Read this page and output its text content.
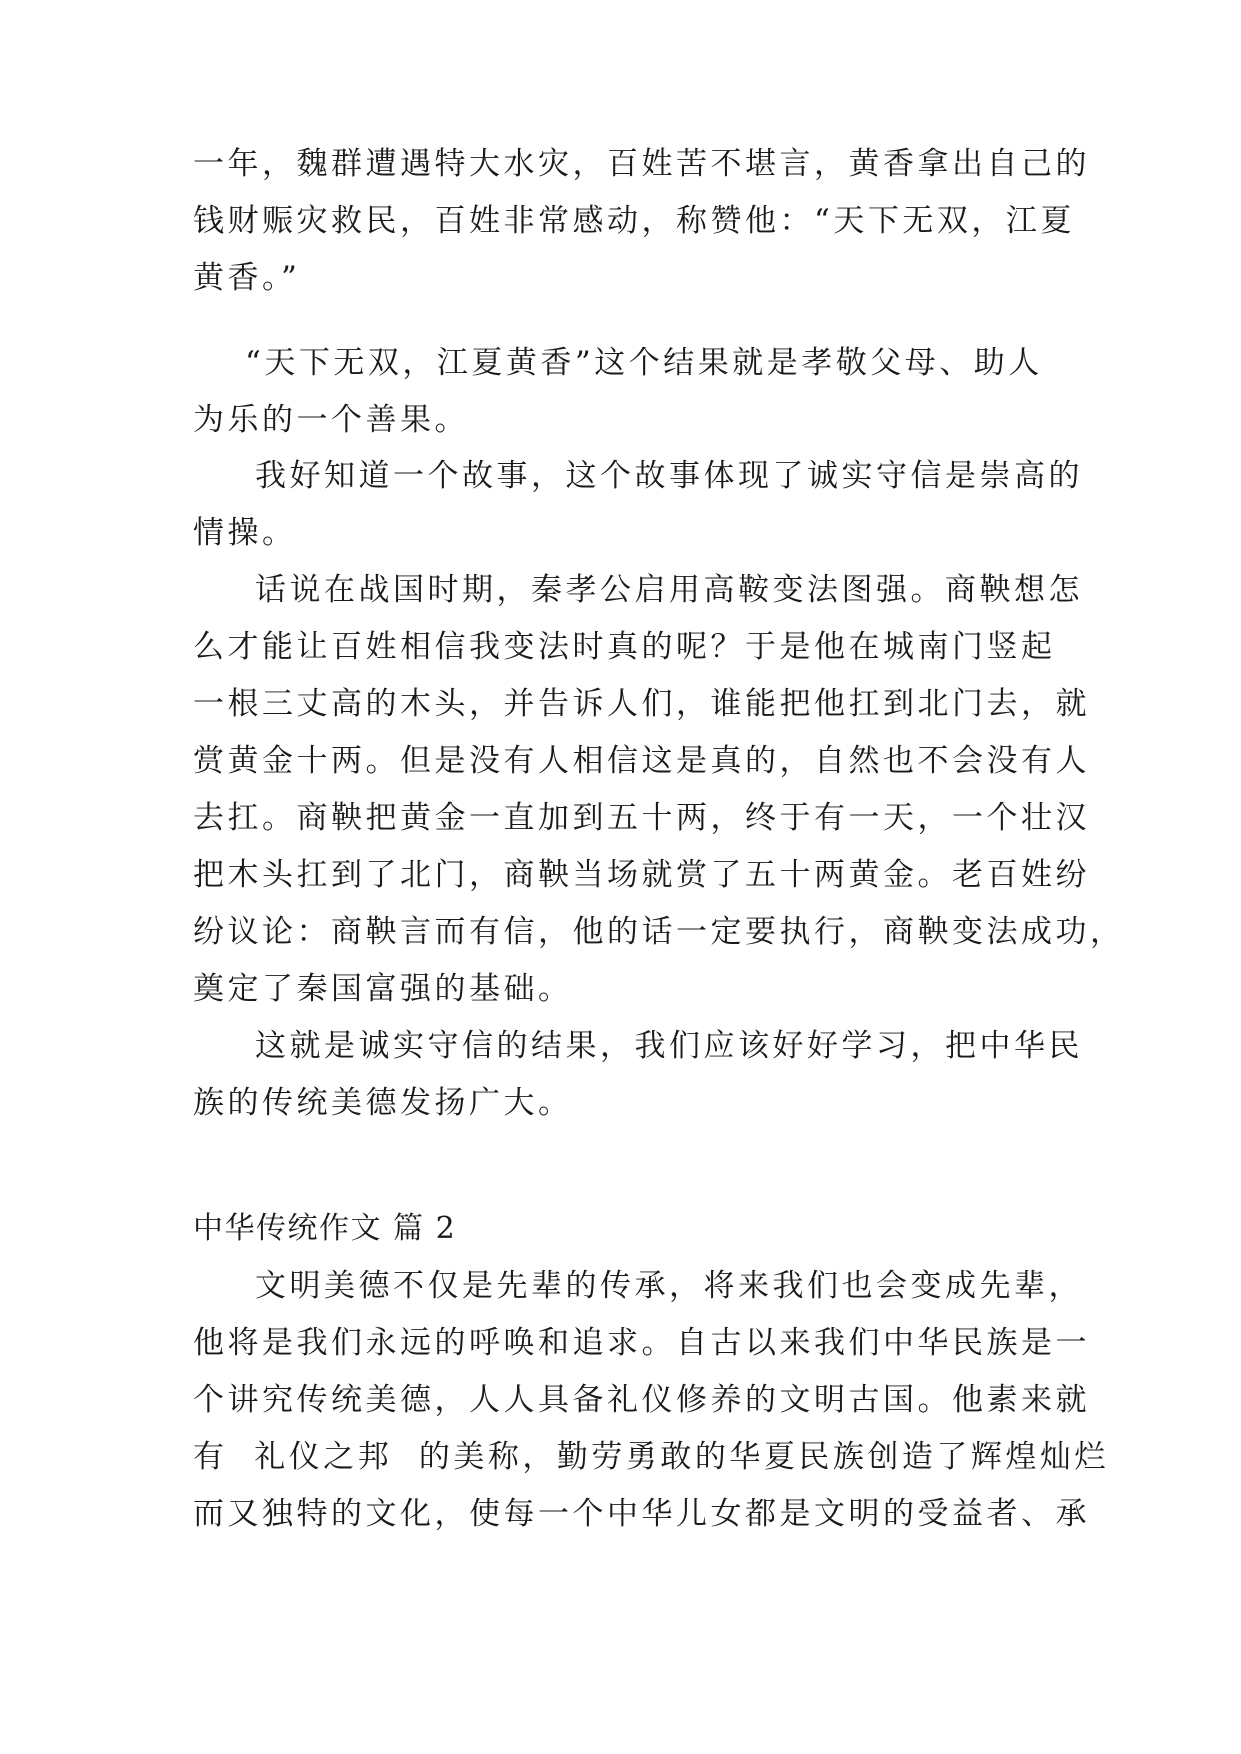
一年，魏群遭遇特大水灾，百姓苦不堪言，黄香拿出自己的
钱财赈灾救民，百姓非常感动，称赞他：“天下无双，江夏
黄香。”
“天下无双，江夏黄香”这个结果就是孝敬父母、助人
为乐的一个善果。
我好知道一个故事，这个故事体现了诚实守信是崇高的
情操。
话说在战国时期，秦孝公启用高鞍变法图强。商鞅想怎
么才能让百姓相信我变法时真的呢？于是他在城南门竖起
一根三丈高的木头，并告诉人们，谁能把他扛到北门去，就
赏黄金十两。但是没有人相信这是真的，自然也不会没有人
去扛。商鞅把黄金一直加到五十两，终于有一天，一个壮汉
把木头扛到了北门，商鞅当场就赏了五十两黄金。老百姓纷
纷议论：商鞅言而有信，他的话一定要执行，商鞅变法成功，
奠定了秦国富强的基础。
这就是诚实守信的结果，我们应该好好学习，把中华民
族的传统美德发扬广大。
中华传统作文 篇 2
文明美德不仅是先辈的传承，将来我们也会变成先辈，
他将是我们永远的呼唤和追求。自古以来我们中华民族是一
个讲究传统美德，人人具备礼仪修养的文明古国。他素来就
有  礼仪之邦  的美称，勤劳勇敢的华夏民族创造了辉煌灿烂
而又独特的文化，使每一个中华儿女都是文明的受益者、承
